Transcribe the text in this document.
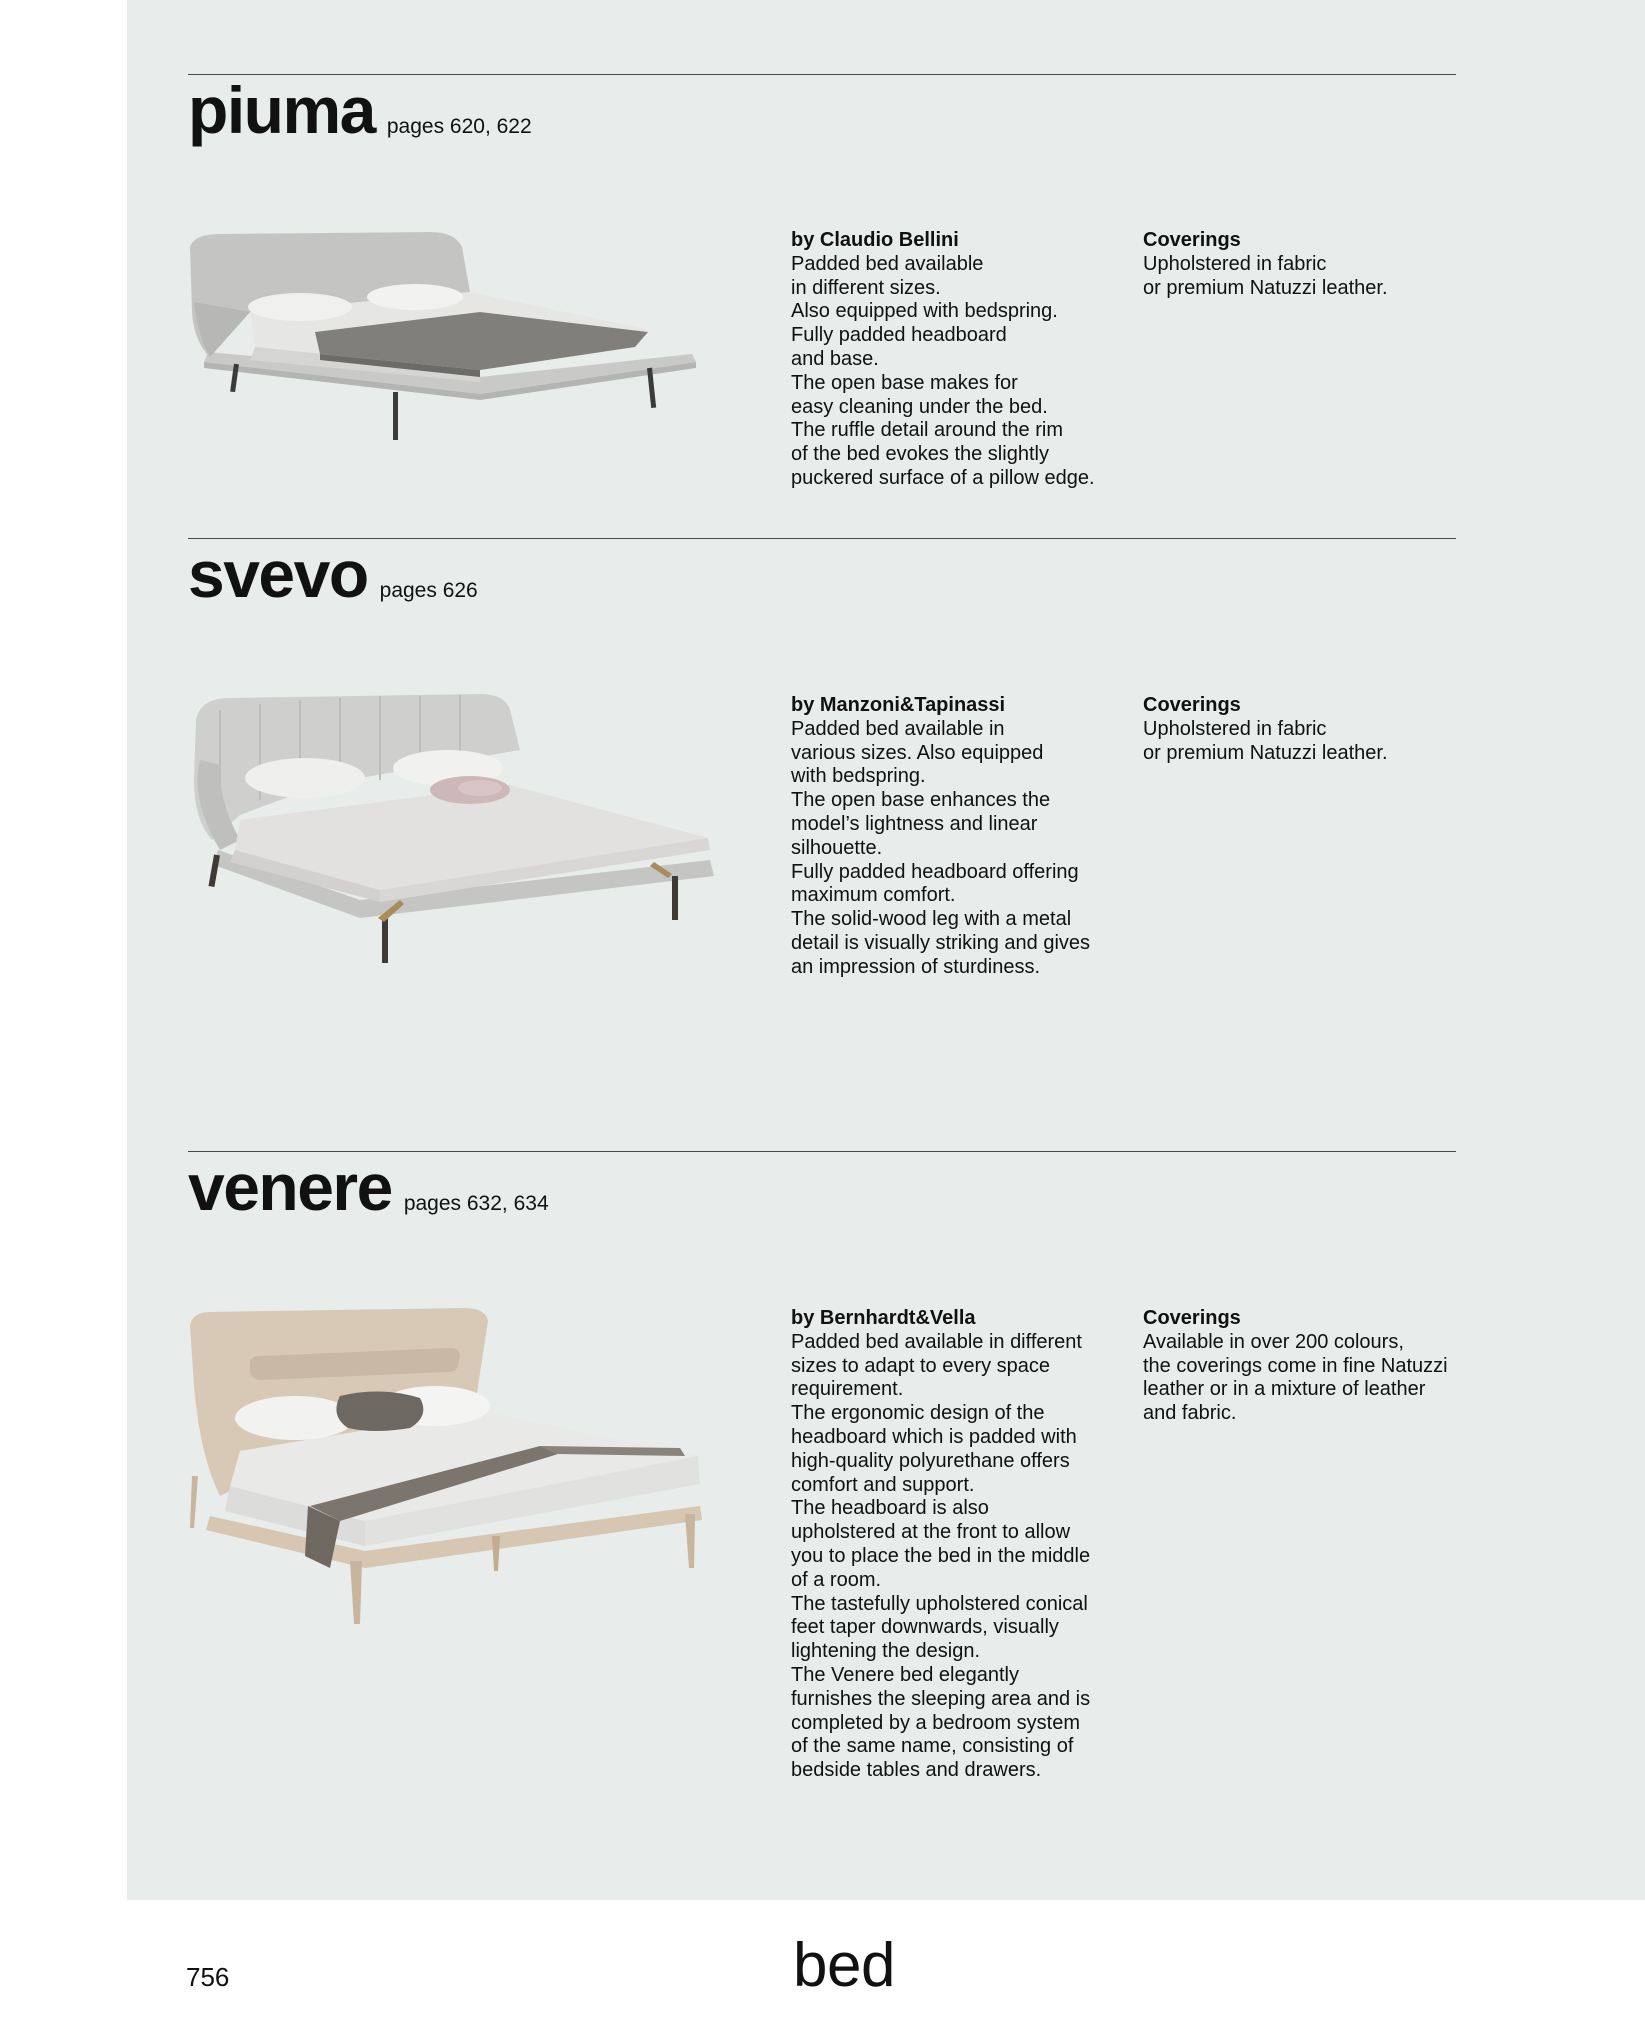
piuma pages 620, 622
by Claudio Bellini
Padded bed available
in different sizes.
Also equipped with bedspring.
Fully padded headboard
and base.
The open base makes for
easy cleaning under the bed.
The ruffle detail around the rim
of the bed evokes the slightly
puckered surface of a pillow edge.
Coverings
Upholstered in fabric
or premium Natuzzi leather.
svevo pages 626
by Manzoni&Tapinassi
Padded bed available in
various sizes. Also equipped
with bedspring.
The open base enhances the
model’s lightness and linear
silhouette.
Fully padded headboard offering
maximum comfort.
The solid-wood leg with a metal
detail is visually striking and gives
an impression of sturdiness.
Coverings
Upholstered in fabric
or premium Natuzzi leather.
venere pages 632, 634
by Bernhardt&Vella
Padded bed available in different
sizes to adapt to every space
requirement.
The ergonomic design of the
headboard which is padded with
high-quality polyurethane offers
comfort and support.
The headboard is also
upholstered at the front to allow
you to place the bed in the middle
of a room.
The tastefully upholstered conical
feet taper downwards, visually
lightening the design.
The Venere bed elegantly
furnishes the sleeping area and is
completed by a bedroom system
of the same name, consisting of
bedside tables and drawers.
Coverings
Available in over 200 colours,
the coverings come in fine Natuzzi
leather or in a mixture of leather
and fabric.
756	bed
